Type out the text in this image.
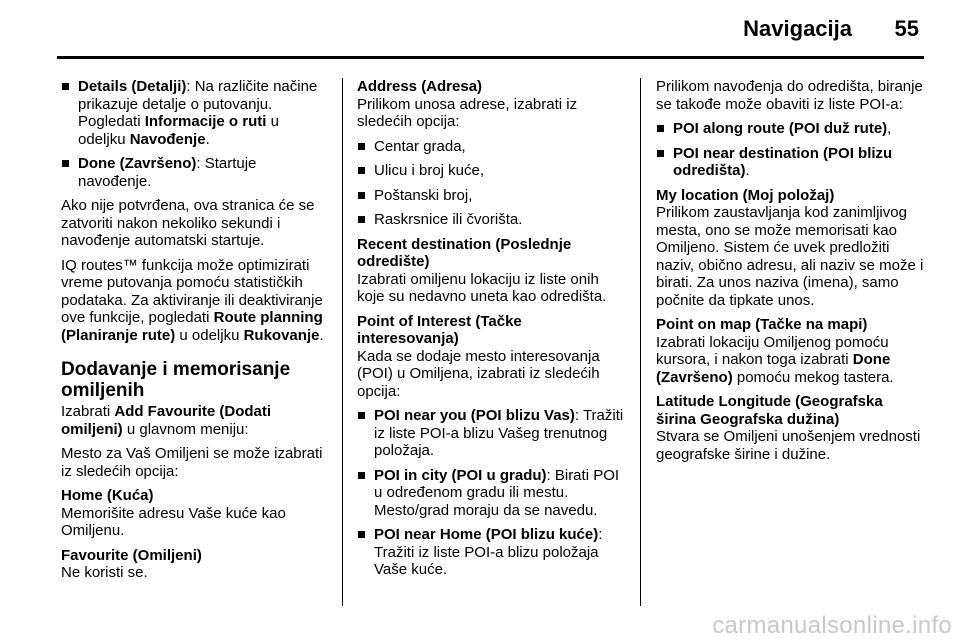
Navigacija 55
Details (Detalji): Na različite načine prikazuje detalje o putovanju. Pogledati Informacije o ruti u odeljku Navođenje.
Done (Završeno): Startuje navođenje.

Ako nije potvrđena, ova stranica će se zatvoriti nakon nekoliko sekundi i navođenje automatski startuje.

IQ routes™ funkcija može optimizirati vreme putovanja pomoću statističkih podataka. Za aktiviranje ili deaktiviranje ove funkcije, pogledati Route planning (Planiranje rute) u odeljku Rukovanje.

Dodavanje i memorisanje omiljenih

Izabrati Add Favourite (Dodati omiljeni) u glavnom meniju:

Mesto za Vaš Omiljeni se može izabrati iz sledećih opcija:

Home (Kuća)
Memorišite adresu Vaše kuće kao Omiljenu.
Favourite (Omiljeni)
Ne koristi se.
Address (Adresa)
Prilikom unosa adrese, izabrati iz sledećih opcija:
Centar grada,
Ulicu i broj kuće,
Poštanski broj,
Raskrsnice ili čvorišta.
Recent destination (Poslednje odredište)
Izabrati omiljenu lokaciju iz liste onih koje su nedavno uneta kao odredišta.
Point of Interest (Tačke interesovanja)
Kada se dodaje mesto interesovanja (POI) u Omiljena, izabrati iz sledećih opcija:
POI near you (POI blizu Vas): Tražiti iz liste POI-a blizu Vašeg trenutnog položaja.
POI in city (POI u gradu): Birati POI u određenom gradu ili mestu. Mesto/grad moraju da se navedu.
POI near Home (POI blizu kuće): Tražiti iz liste POI-a blizu položaja Vaše kuće.

Prilikom navođenja do odredišta, biranje se takođe može obaviti iz liste POI-a:

POI along route (POI duž rute),
POI near destination (POI blizu odredišta).
My location (Moj položaj)
Prilikom zaustavljanja kod zanimljivog mesta, ono se može memorisati kao Omiljeno. Sistem će uvek predložiti naziv, obično adresu, ali naziv se može i birati. Za unos naziva (imena), samo počnite da tipkate unos.
Point on map (Tačke na mapi)
Izabrati lokaciju Omiljenog pomoću kursora, i nakon toga izabrati Done (Završeno) pomoću mekog tastera.
Latitude Longitude (Geografska širina Geografska dužina)
Stvara se Omiljeni unošenjem vrednosti geografske širine i dužine.
carmanualsonline.info
